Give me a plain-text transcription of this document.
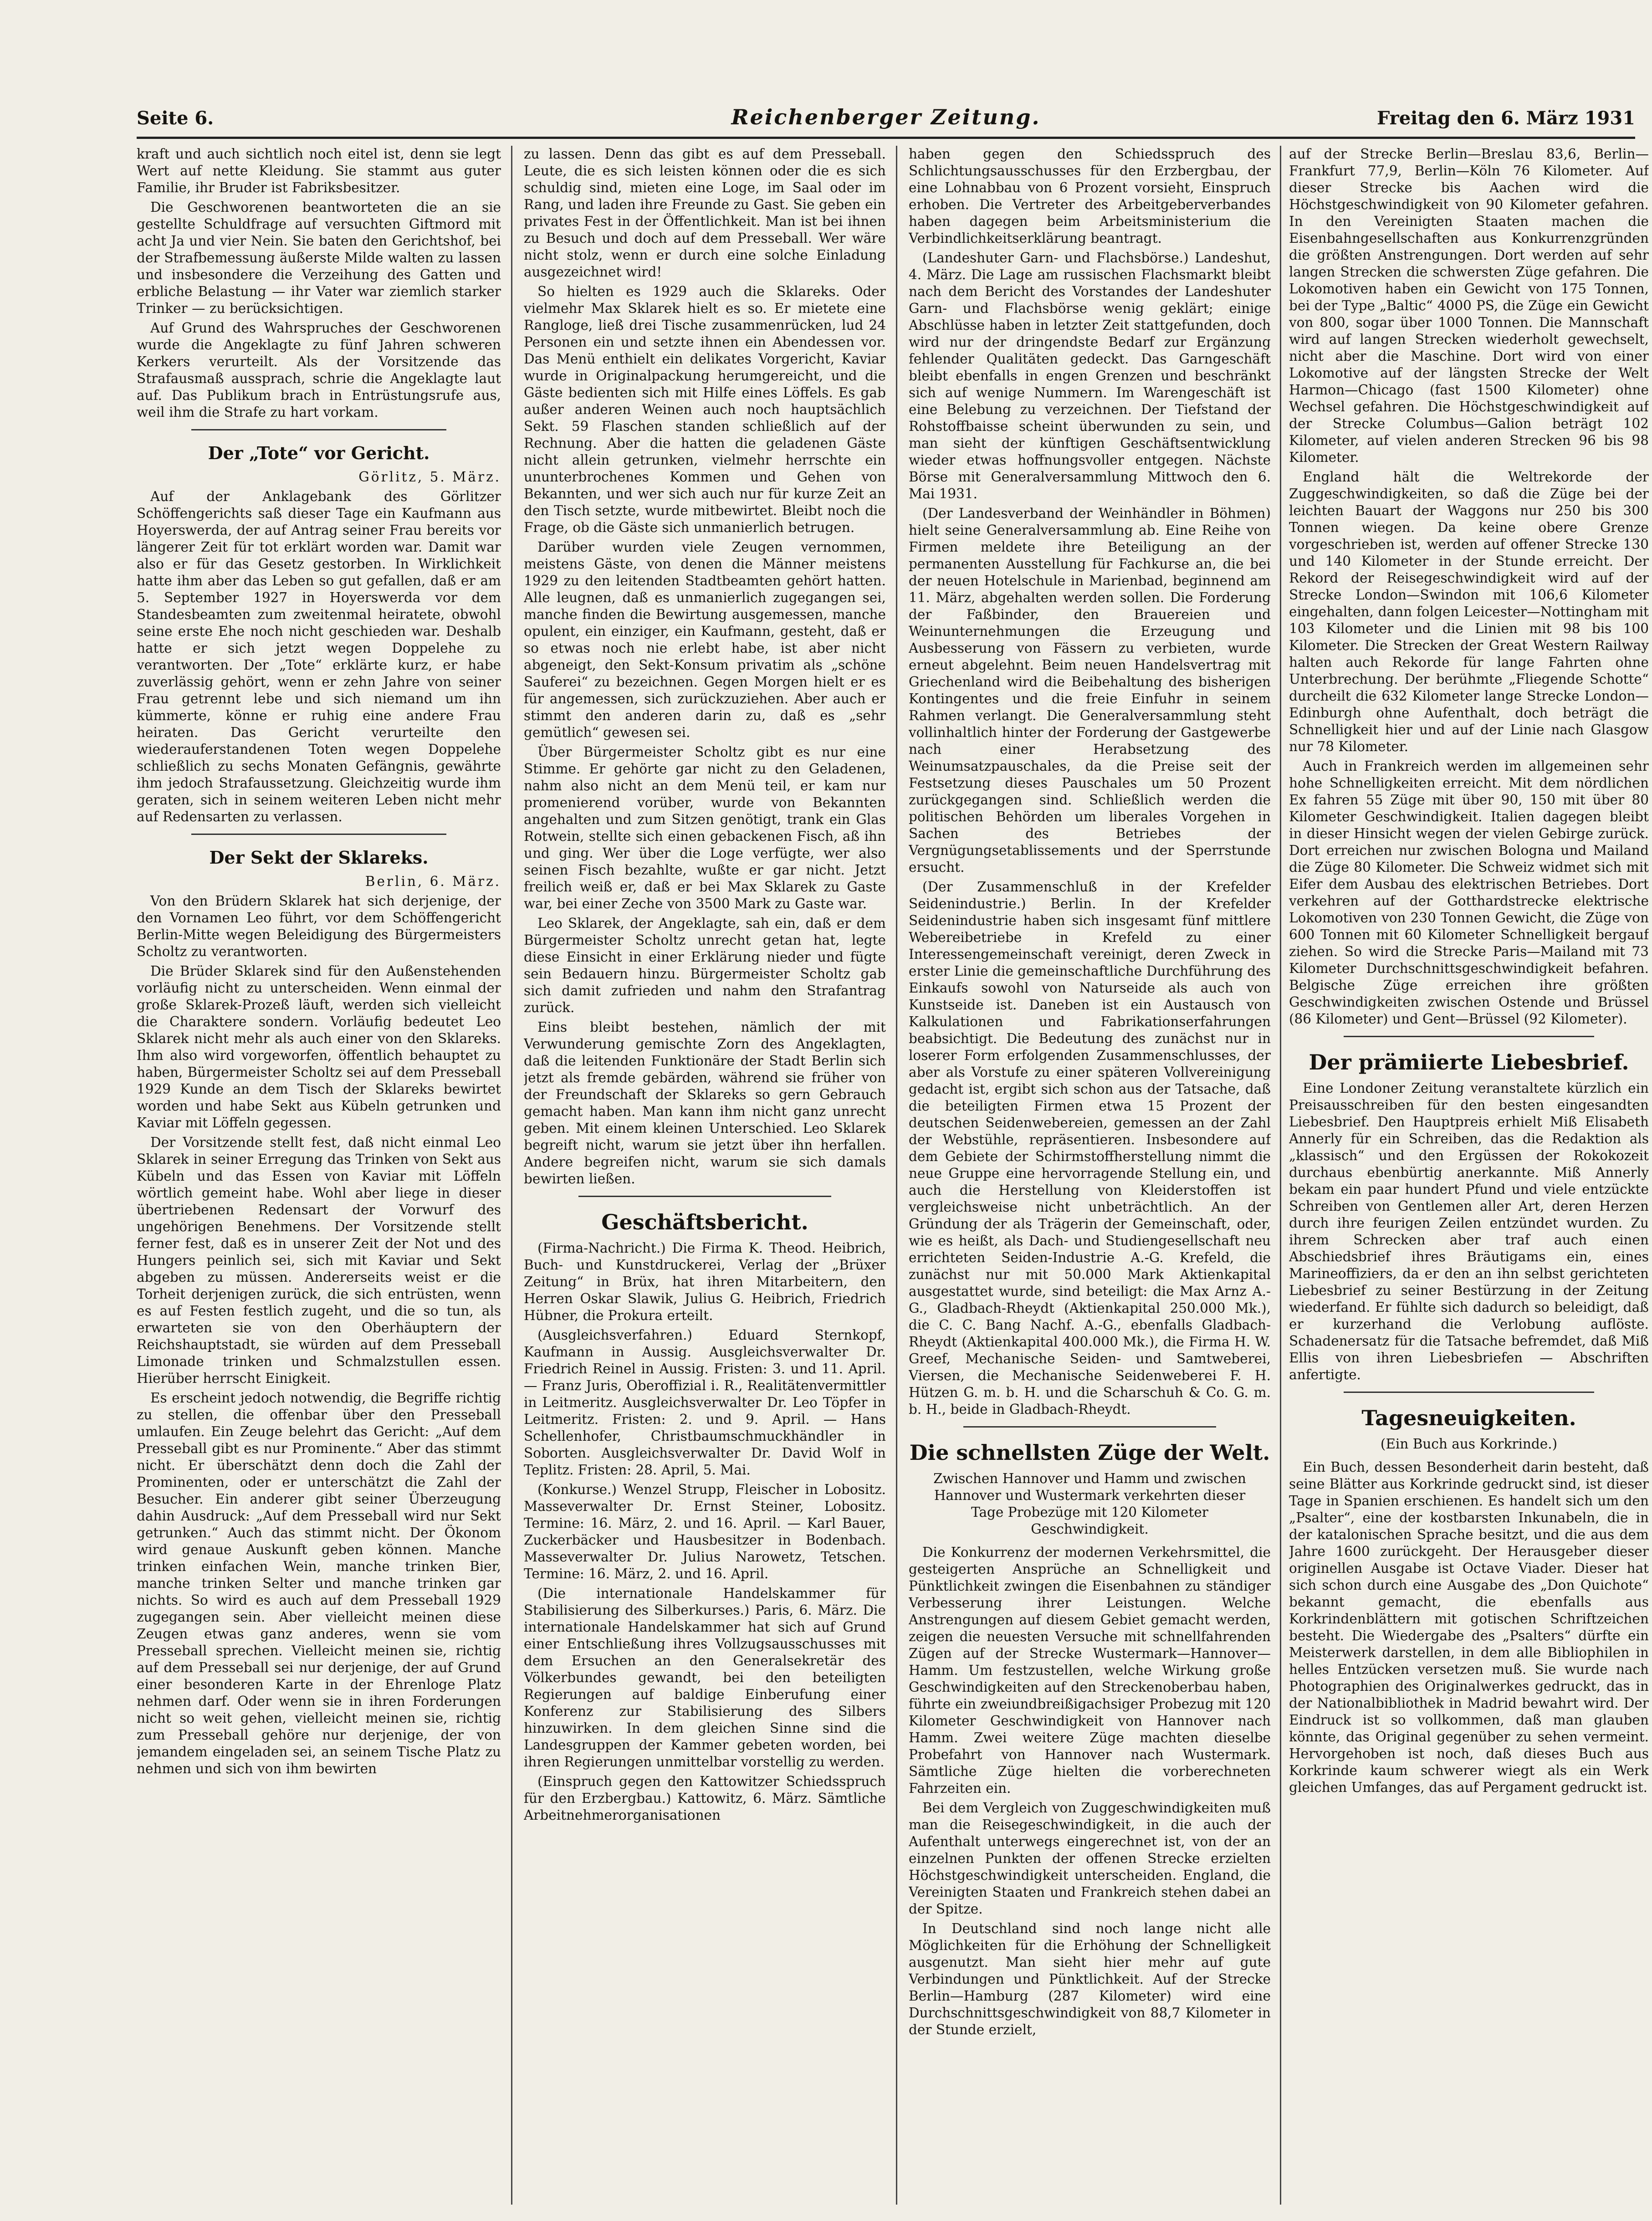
Seite 6.	Reichenberger Zeitung.	Freitag den 6. März 1931

kraft und auch sichtlich noch eitel ist, denn sie legt Wert auf nette Kleidung. Sie stammt aus guter Familie, ihr Bruder ist Fabriksbesitzer.

Die Geschworenen beantworteten die an sie gestellte Schuldfrage auf versuchten Giftmord mit acht Ja und vier Nein. Sie baten den Gerichtshof, bei der Strafbemessung äußerste Milde walten zu lassen und insbesondere die Verzeihung des Gatten und erbliche Belastung — ihr Vater war ziemlich starker Trinker — zu berücksichtigen.

Auf Grund des Wahrspruches der Geschworenen wurde die Angeklagte zu fünf Jahren schweren Kerkers verurteilt. Als der Vorsitzende das Strafausmaß aussprach, schrie die Angeklagte laut auf. Das Publikum brach in Entrüstungsrufe aus, weil ihm die Strafe zu hart vorkam.

Der „Tote“ vor Gericht.
Görlitz, 5. März.

Auf der Anklagebank des Görlitzer Schöffengerichts saß dieser Tage ein Kaufmann aus Hoyerswerda, der auf Antrag seiner Frau bereits vor längerer Zeit für tot erklärt worden war. Damit war also er für das Gesetz gestorben. In Wirklichkeit hatte ihm aber das Leben so gut gefallen, daß er am 5. September 1927 in Hoyerswerda vor dem Standesbeamten zum zweitenmal heiratete, obwohl seine erste Ehe noch nicht geschieden war. Deshalb hatte er sich jetzt wegen Doppelehe zu verantworten. Der „Tote“ erklärte kurz, er habe zuverlässig gehört, wenn er zehn Jahre von seiner Frau getrennt lebe und sich niemand um ihn kümmerte, könne er ruhig eine andere Frau heiraten. Das Gericht verurteilte den wiederauferstandenen Toten wegen Doppelehe schließlich zu sechs Monaten Gefängnis, gewährte ihm jedoch Strafaussetzung. Gleichzeitig wurde ihm geraten, sich in seinem weiteren Leben nicht mehr auf Redensarten zu verlassen.

Der Sekt der Sklareks.
Berlin, 6. März.

Von den Brüdern Sklarek hat sich derjenige, der den Vornamen Leo führt, vor dem Schöffengericht Berlin-Mitte wegen Beleidigung des Bürgermeisters Scholtz zu verantworten.

Die Brüder Sklarek sind für den Außenstehenden vorläufig nicht zu unterscheiden. Wenn einmal der große Sklarek-Prozeß läuft, werden sich vielleicht die Charaktere sondern. Vorläufig bedeutet Leo Sklarek nicht mehr als auch einer von den Sklareks. Ihm also wird vorgeworfen, öffentlich behauptet zu haben, Bürgermeister Scholtz sei auf dem Presseball 1929 Kunde an dem Tisch der Sklareks bewirtet worden und habe Sekt aus Kübeln getrunken und Kaviar mit Löffeln gegessen.

Der Vorsitzende stellt fest, daß nicht einmal Leo Sklarek in seiner Erregung das Trinken von Sekt aus Kübeln und das Essen von Kaviar mit Löffeln wörtlich gemeint habe. Wohl aber liege in dieser übertriebenen Redensart der Vorwurf des ungehörigen Benehmens. Der Vorsitzende stellt ferner fest, daß es in unserer Zeit der Not und des Hungers peinlich sei, sich mit Kaviar und Sekt abgeben zu müssen. Andererseits weist er die Torheit derjenigen zurück, die sich entrüsten, wenn es auf Festen festlich zugeht, und die so tun, als erwarteten sie von den Oberhäuptern der Reichshauptstadt, sie würden auf dem Presseball Limonade trinken und Schmalzstullen essen. Hierüber herrscht Einigkeit.

Es erscheint jedoch notwendig, die Begriffe richtig zu stellen, die offenbar über den Presseball umlaufen. Ein Zeuge belehrt das Gericht: „Auf dem Presseball gibt es nur Prominente.“ Aber das stimmt nicht. Er überschätzt denn doch die Zahl der Prominenten, oder er unterschätzt die Zahl der Besucher. Ein anderer gibt seiner Überzeugung dahin Ausdruck: „Auf dem Presseball wird nur Sekt getrunken.“ Auch das stimmt nicht. Der Ökonom wird genaue Auskunft geben können. Manche trinken einfachen Wein, manche trinken Bier, manche trinken Selter und manche trinken gar nichts. So wird es auch auf dem Presseball 1929 zugegangen sein. Aber vielleicht meinen diese Zeugen etwas ganz anderes, wenn sie vom Presseball sprechen. Vielleicht meinen sie, richtig auf dem Presseball sei nur derjenige, der auf Grund einer besonderen Karte in der Ehrenloge Platz nehmen darf. Oder wenn sie in ihren Forderungen nicht so weit gehen, vielleicht meinen sie, richtig zum Presseball gehöre nur derjenige, der von jemandem eingeladen sei, an seinem Tische Platz zu nehmen und sich von ihm bewirten

zu lassen. Denn das gibt es auf dem Presseball. Leute, die es sich leisten können oder die es sich schuldig sind, mieten eine Loge, im Saal oder im Rang, und laden ihre Freunde zu Gast. Sie geben ein privates Fest in der Öffentlichkeit. Man ist bei ihnen zu Besuch und doch auf dem Presseball. Wer wäre nicht stolz, wenn er durch eine solche Einladung ausgezeichnet wird!

So hielten es 1929 auch die Sklareks. Oder vielmehr Max Sklarek hielt es so. Er mietete eine Rangloge, ließ drei Tische zusammenrücken, lud 24 Personen ein und setzte ihnen ein Abendessen vor. Das Menü enthielt ein delikates Vorgericht, Kaviar wurde in Originalpackung herumgereicht, und die Gäste bedienten sich mit Hilfe eines Löffels. Es gab außer anderen Weinen auch noch hauptsächlich Sekt. 59 Flaschen standen schließlich auf der Rechnung. Aber die hatten die geladenen Gäste nicht allein getrunken, vielmehr herrschte ein ununterbrochenes Kommen und Gehen von Bekannten, und wer sich auch nur für kurze Zeit an den Tisch setzte, wurde mitbewirtet. Bleibt noch die Frage, ob die Gäste sich unmanierlich betrugen.

Darüber wurden viele Zeugen vernommen, meistens Gäste, von denen die Männer meistens 1929 zu den leitenden Stadtbeamten gehört hatten. Alle leugnen, daß es unmanierlich zugegangen sei, manche finden die Bewirtung ausgemessen, manche opulent, ein einziger, ein Kaufmann, gesteht, daß er so etwas noch nie erlebt habe, ist aber nicht abgeneigt, den Sekt-Konsum privatim als „schöne Sauferei“ zu bezeichnen. Gegen Morgen hielt er es für angemessen, sich zurückzuziehen. Aber auch er stimmt den anderen darin zu, daß es „sehr gemütlich“ gewesen sei.

Über Bürgermeister Scholtz gibt es nur eine Stimme. Er gehörte gar nicht zu den Geladenen, nahm also nicht an dem Menü teil, er kam nur promenierend vorüber, wurde von Bekannten angehalten und zum Sitzen genötigt, trank ein Glas Rotwein, stellte sich einen gebackenen Fisch, aß ihn und ging. Wer über die Loge verfügte, wer also seinen Fisch bezahlte, wußte er gar nicht. Jetzt freilich weiß er, daß er bei Max Sklarek zu Gaste war, bei einer Zeche von 3500 Mark zu Gaste war.

Leo Sklarek, der Angeklagte, sah ein, daß er dem Bürgermeister Scholtz unrecht getan hat, legte diese Einsicht in einer Erklärung nieder und fügte sein Bedauern hinzu. Bürgermeister Scholtz gab sich damit zufrieden und nahm den Strafantrag zurück.

Eins bleibt bestehen, nämlich der mit Verwunderung gemischte Zorn des Angeklagten, daß die leitenden Funktionäre der Stadt Berlin sich jetzt als fremde gebärden, während sie früher von der Freundschaft der Sklareks so gern Gebrauch gemacht haben. Man kann ihm nicht ganz unrecht geben. Mit einem kleinen Unterschied. Leo Sklarek begreift nicht, warum sie jetzt über ihn herfallen. Andere begreifen nicht, warum sie sich damals bewirten ließen.

Geschäftsbericht.

(Firma-Nachricht.) Die Firma K. Theod. Heibrich, Buch- und Kunstdruckerei, Verlag der „Brüxer Zeitung“ in Brüx, hat ihren Mitarbeitern, den Herren Oskar Slawik, Julius G. Heibrich, Friedrich Hübner, die Prokura erteilt.

(Ausgleichsverfahren.) Eduard Sternkopf, Kaufmann in Aussig. Ausgleichsverwalter Dr. Friedrich Reinel in Aussig. Fristen: 3. und 11. April. — Franz Juris, Oberoffizial i. R., Realitätenvermittler in Leitmeritz. Ausgleichsverwalter Dr. Leo Töpfer in Leitmeritz. Fristen: 2. und 9. April. — Hans Schellenhofer, Christbaumschmuckhändler in Soborten. Ausgleichsverwalter Dr. David Wolf in Teplitz. Fristen: 28. April, 5. Mai.

(Konkurse.) Wenzel Strupp, Fleischer in Lobositz. Masseverwalter Dr. Ernst Steiner, Lobositz. Termine: 16. März, 2. und 16. April. — Karl Bauer, Zuckerbäcker und Hausbesitzer in Bodenbach. Masseverwalter Dr. Julius Narowetz, Tetschen. Termine: 16. März, 2. und 16. April.

(Die internationale Handelskammer für Stabilisierung des Silberkurses.) Paris, 6. März. Die internationale Handelskammer hat sich auf Grund einer Entschließung ihres Vollzugsausschusses mit dem Ersuchen an den Generalsekretär des Völkerbundes gewandt, bei den beteiligten Regierungen auf baldige Einberufung einer Konferenz zur Stabilisierung des Silbers hinzuwirken. In dem gleichen Sinne sind die Landesgruppen der Kammer gebeten worden, bei ihren Regierungen unmittelbar vorstellig zu werden.

(Einspruch gegen den Kattowitzer Schiedsspruch für den Erzbergbau.) Kattowitz, 6. März. Sämtliche Arbeitnehmerorganisationen

haben gegen den Schiedsspruch des Schlichtungsausschusses für den Erzbergbau, der eine Lohnabbau von 6 Prozent vorsieht, Einspruch erhoben. Die Vertreter des Arbeitgeberverbandes haben dagegen beim Arbeitsministerium die Verbindlichkeitserklärung beantragt.

(Landeshuter Garn- und Flachsbörse.) Landeshut, 4. März. Die Lage am russischen Flachsmarkt bleibt nach dem Bericht des Vorstandes der Landeshuter Garn- und Flachsbörse wenig geklärt; einige Abschlüsse haben in letzter Zeit stattgefunden, doch wird nur der dringendste Bedarf zur Ergänzung fehlender Qualitäten gedeckt. Das Garngeschäft bleibt ebenfalls in engen Grenzen und beschränkt sich auf wenige Nummern. Im Warengeschäft ist eine Belebung zu verzeichnen. Der Tiefstand der Rohstoffbaisse scheint überwunden zu sein, und man sieht der künftigen Geschäftsentwicklung wieder etwas hoffnungsvoller entgegen. Nächste Börse mit Generalversammlung Mittwoch den 6. Mai 1931.

(Der Landesverband der Weinhändler in Böhmen) hielt seine Generalversammlung ab. Eine Reihe von Firmen meldete ihre Beteiligung an der permanenten Ausstellung für Fachkurse an, die bei der neuen Hotelschule in Marienbad, beginnend am 11. März, abgehalten werden sollen. Die Forderung der Faßbinder, den Brauereien und Weinunternehmungen die Erzeugung und Ausbesserung von Fässern zu verbieten, wurde erneut abgelehnt. Beim neuen Handelsvertrag mit Griechenland wird die Beibehaltung des bisherigen Kontingentes und die freie Einfuhr in seinem Rahmen verlangt. Die Generalversammlung steht vollinhaltlich hinter der Forderung der Gastgewerbe nach einer Herabsetzung des Weinumsatzpauschales, da die Preise seit der Festsetzung dieses Pauschales um 50 Prozent zurückgegangen sind. Schließlich werden die politischen Behörden um liberales Vorgehen in Sachen des Betriebes der Vergnügungsetablissements und der Sperrstunde ersucht.

(Der Zusammenschluß in der Krefelder Seidenindustrie.) Berlin. In der Krefelder Seidenindustrie haben sich insgesamt fünf mittlere Webereibetriebe in Krefeld zu einer Interessengemeinschaft vereinigt, deren Zweck in erster Linie die gemeinschaftliche Durchführung des Einkaufs sowohl von Naturseide als auch von Kunstseide ist. Daneben ist ein Austausch von Kalkulationen und Fabrikationserfahrungen beabsichtigt. Die Bedeutung des zunächst nur in loserer Form erfolgenden Zusammenschlusses, der aber als Vorstufe zu einer späteren Vollvereinigung gedacht ist, ergibt sich schon aus der Tatsache, daß die beteiligten Firmen etwa 15 Prozent der deutschen Seidenwebereien, gemessen an der Zahl der Webstühle, repräsentieren. Insbesondere auf dem Gebiete der Schirmstoffherstellung nimmt die neue Gruppe eine hervorragende Stellung ein, und auch die Herstellung von Kleiderstoffen ist vergleichsweise nicht unbeträchtlich. An der Gründung der als Trägerin der Gemeinschaft, oder, wie es heißt, als Dach- und Studiengesellschaft neu errichteten Seiden-Industrie A.-G. Krefeld, die zunächst nur mit 50.000 Mark Aktienkapital ausgestattet wurde, sind beteiligt: die Max Arnz A.-G., Gladbach-Rheydt (Aktienkapital 250.000 Mk.), die C. C. Bang Nachf. A.-G., ebenfalls Gladbach-Rheydt (Aktienkapital 400.000 Mk.), die Firma H. W. Greef, Mechanische Seiden- und Samtweberei, Viersen, die Mechanische Seidenweberei F. H. Hützen G. m. b. H. und die Scharschuh & Co. G. m. b. H., beide in Gladbach-Rheydt.

Die schnellsten Züge der Welt.
Zwischen Hannover und Hamm und zwischen Hannover und Wustermark verkehrten dieser Tage Probezüge mit 120 Kilometer Geschwindigkeit.

Die Konkurrenz der modernen Verkehrsmittel, die gesteigerten Ansprüche an Schnelligkeit und Pünktlichkeit zwingen die Eisenbahnen zu ständiger Verbesserung ihrer Leistungen. Welche Anstrengungen auf diesem Gebiet gemacht werden, zeigen die neuesten Versuche mit schnellfahrenden Zügen auf der Strecke Wustermark—Hannover—Hamm. Um festzustellen, welche Wirkung große Geschwindigkeiten auf den Streckenoberbau haben, führte ein zweiundbreißigachsiger Probezug mit 120 Kilometer Geschwindigkeit von Hannover nach Hamm. Zwei weitere Züge machten dieselbe Probefahrt von Hannover nach Wustermark. Sämtliche Züge hielten die vorberechneten Fahrzeiten ein.

Bei dem Vergleich von Zuggeschwindigkeiten muß man die Reisegeschwindigkeit, in die auch der Aufenthalt unterwegs eingerechnet ist, von der an einzelnen Punkten der offenen Strecke erzielten Höchstgeschwindigkeit unterscheiden. England, die Vereinigten Staaten und Frankreich stehen dabei an der Spitze.

In Deutschland sind noch lange nicht alle Möglichkeiten für die Erhöhung der Schnelligkeit ausgenutzt. Man sieht hier mehr auf gute Verbindungen und Pünktlichkeit. Auf der Strecke Berlin—Hamburg (287 Kilometer) wird eine Durchschnittsgeschwindigkeit von 88,7 Kilometer in der Stunde erzielt,

auf der Strecke Berlin—Breslau 83,6, Berlin—Frankfurt 77,9, Berlin—Köln 76 Kilometer. Auf dieser Strecke bis Aachen wird die Höchstgeschwindigkeit von 90 Kilometer gefahren. In den Vereinigten Staaten machen die Eisenbahngesellschaften aus Konkurrenzgründen die größten Anstrengungen. Dort werden auf sehr langen Strecken die schwersten Züge gefahren. Die Lokomotiven haben ein Gewicht von 175 Tonnen, bei der Type „Baltic“ 4000 PS, die Züge ein Gewicht von 800, sogar über 1000 Tonnen. Die Mannschaft wird auf langen Strecken wiederholt gewechselt, nicht aber die Maschine. Dort wird von einer Lokomotive auf der längsten Strecke der Welt Harmon—Chicago (fast 1500 Kilometer) ohne Wechsel gefahren. Die Höchstgeschwindigkeit auf der Strecke Columbus—Galion beträgt 102 Kilometer, auf vielen anderen Strecken 96 bis 98 Kilometer.

England hält die Weltrekorde der Zuggeschwindigkeiten, so daß die Züge bei der leichten Bauart der Waggons nur 250 bis 300 Tonnen wiegen. Da keine obere Grenze vorgeschrieben ist, werden auf offener Strecke 130 und 140 Kilometer in der Stunde erreicht. Der Rekord der Reisegeschwindigkeit wird auf der Strecke London—Swindon mit 106,6 Kilometer eingehalten, dann folgen Leicester—Nottingham mit 103 Kilometer und die Linien mit 98 bis 100 Kilometer. Die Strecken der Great Western Railway halten auch Rekorde für lange Fahrten ohne Unterbrechung. Der berühmte „Fliegende Schotte“ durcheilt die 632 Kilometer lange Strecke London—Edinburgh ohne Aufenthalt, doch beträgt die Schnelligkeit hier und auf der Linie nach Glasgow nur 78 Kilometer.

Auch in Frankreich werden im allgemeinen sehr hohe Schnelligkeiten erreicht. Mit dem nördlichen Ex fahren 55 Züge mit über 90, 150 mit über 80 Kilometer Geschwindigkeit. Italien dagegen bleibt in dieser Hinsicht wegen der vielen Gebirge zurück. Dort erreichen nur zwischen Bologna und Mailand die Züge 80 Kilometer. Die Schweiz widmet sich mit Eifer dem Ausbau des elektrischen Betriebes. Dort verkehren auf der Gotthardstrecke elektrische Lokomotiven von 230 Tonnen Gewicht, die Züge von 600 Tonnen mit 60 Kilometer Schnelligkeit bergauf ziehen. So wird die Strecke Paris—Mailand mit 73 Kilometer Durchschnittsgeschwindigkeit befahren. Belgische Züge erreichen ihre größten Geschwindigkeiten zwischen Ostende und Brüssel (86 Kilometer) und Gent—Brüssel (92 Kilometer).

Der prämiierte Liebesbrief.

Eine Londoner Zeitung veranstaltete kürzlich ein Preisausschreiben für den besten eingesandten Liebesbrief. Den Hauptpreis erhielt Miß Elisabeth Annerly für ein Schreiben, das die Redaktion als „klassisch“ und den Ergüssen der Rokokozeit durchaus ebenbürtig anerkannte. Miß Annerly bekam ein paar hundert Pfund und viele entzückte Schreiben von Gentlemen aller Art, deren Herzen durch ihre feurigen Zeilen entzündet wurden. Zu ihrem Schrecken aber traf auch einen Abschiedsbrief ihres Bräutigams ein, eines Marineoffiziers, da er den an ihn selbst gerichteten Liebesbrief zu seiner Bestürzung in der Zeitung wiederfand. Er fühlte sich dadurch so beleidigt, daß er kurzerhand die Verlobung auflöste. Schadenersatz für die Tatsache befremdet, daß Miß Ellis von ihren Liebesbriefen — Abschriften anfertigte.

Tagesneuigkeiten.
(Ein Buch aus Korkrinde.)

Ein Buch, dessen Besonderheit darin besteht, daß seine Blätter aus Korkrinde gedruckt sind, ist dieser Tage in Spanien erschienen. Es handelt sich um den „Psalter“, eine der kostbarsten Inkunabeln, die in der katalonischen Sprache besitzt, und die aus dem Jahre 1600 zurückgeht. Der Herausgeber dieser originellen Ausgabe ist Octave Viader. Dieser hat sich schon durch eine Ausgabe des „Don Quichote“ bekannt gemacht, die ebenfalls aus Korkrindenblättern mit gotischen Schriftzeichen besteht. Die Wiedergabe des „Psalters“ dürfte ein Meisterwerk darstellen, in dem alle Bibliophilen in helles Entzücken versetzen muß. Sie wurde nach Photographien des Originalwerkes gedruckt, das in der Nationalbibliothek in Madrid bewahrt wird. Der Eindruck ist so vollkommen, daß man glauben könnte, das Original gegenüber zu sehen vermeint. Hervorgehoben ist noch, daß dieses Buch aus Korkrinde kaum schwerer wiegt als ein Werk gleichen Umfanges, das auf Pergament gedruckt ist.
